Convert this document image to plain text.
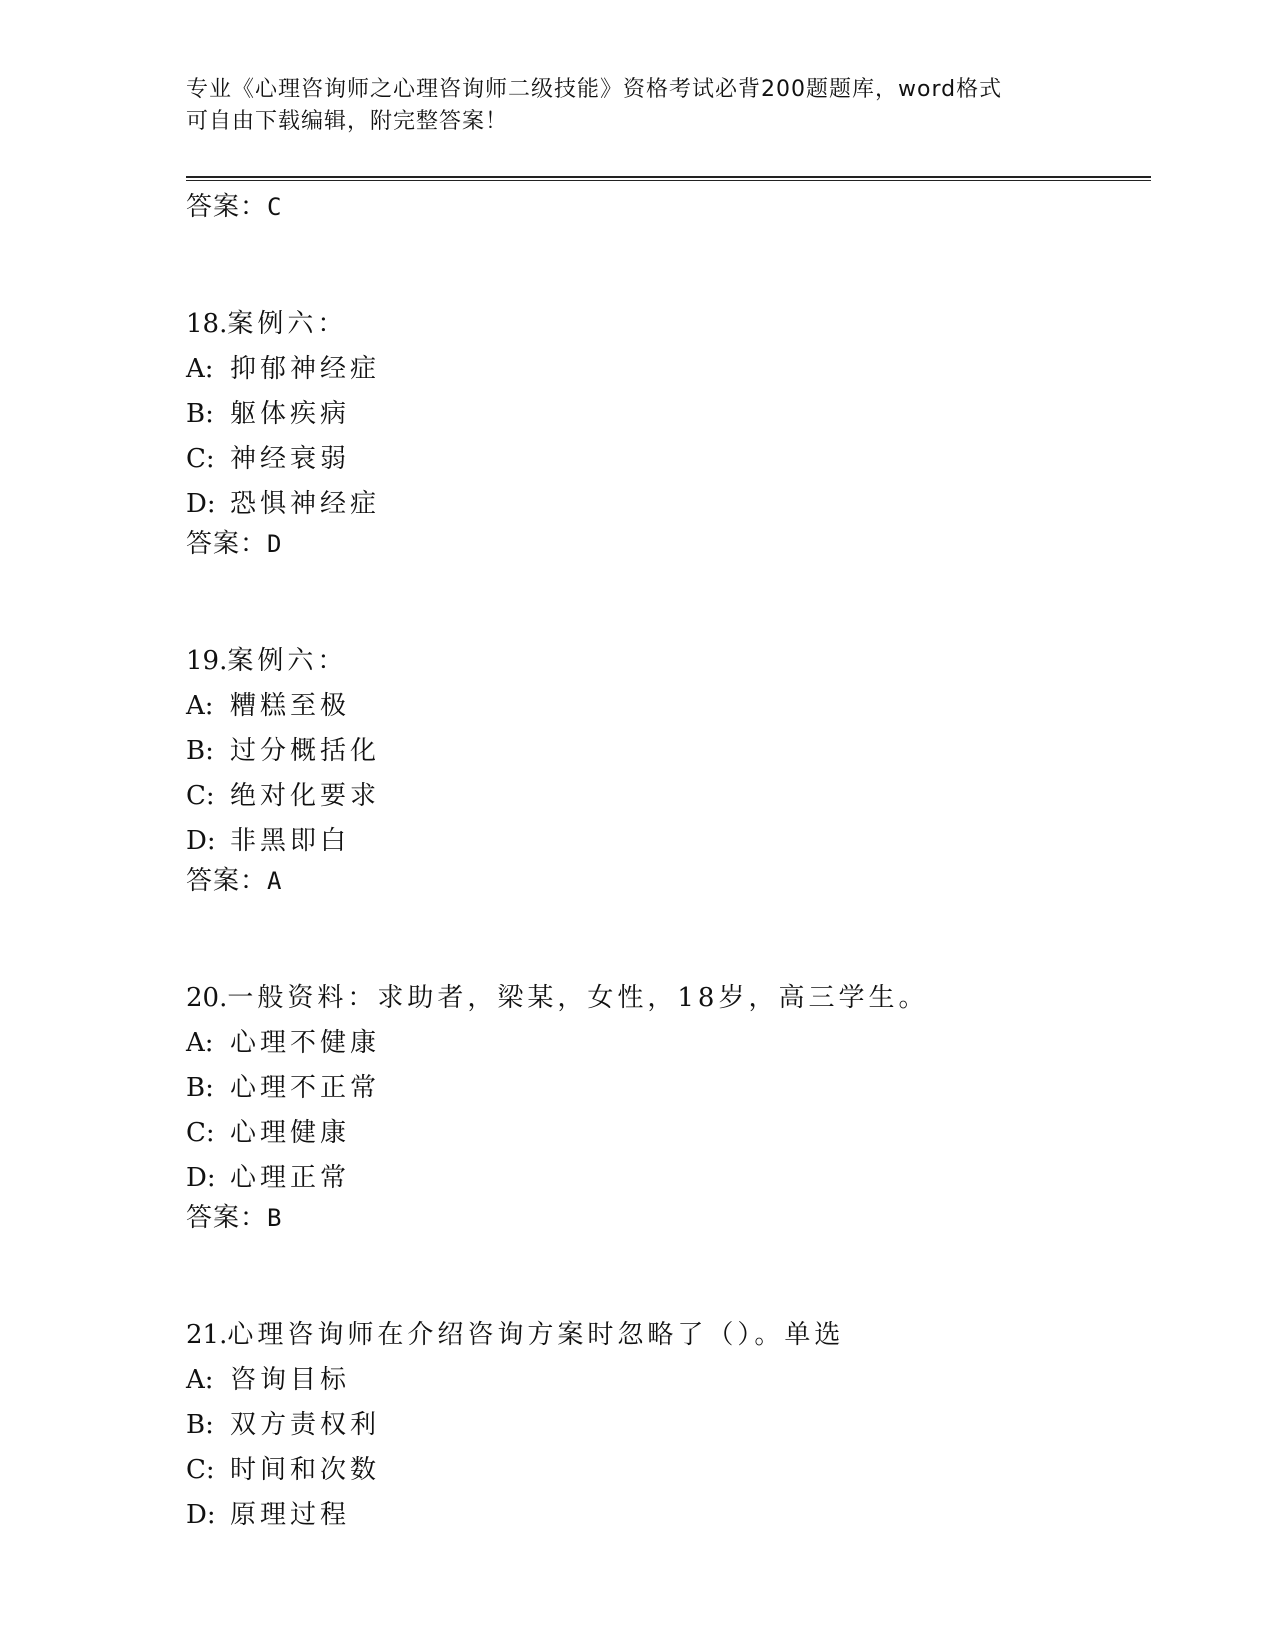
专业《心理咨询师之心理咨询师二级技能》资格考试必背200题题库，word格式
可自由下载编辑，附完整答案！
答案：C
18.案例六：
A: 抑郁神经症
B: 躯体疾病
C: 神经衰弱
D: 恐惧神经症
答案：D
19.案例六：
A: 糟糕至极
B: 过分概括化
C: 绝对化要求
D: 非黑即白
答案：A
20.一般资料：求助者，梁某，女性，18岁，高三学生。
A: 心理不健康
B: 心理不正常
C: 心理健康
D: 心理正常
答案：B
21.心理咨询师在介绍咨询方案时忽略了（）。单选
A: 咨询目标
B: 双方责权利
C: 时间和次数
D: 原理过程
